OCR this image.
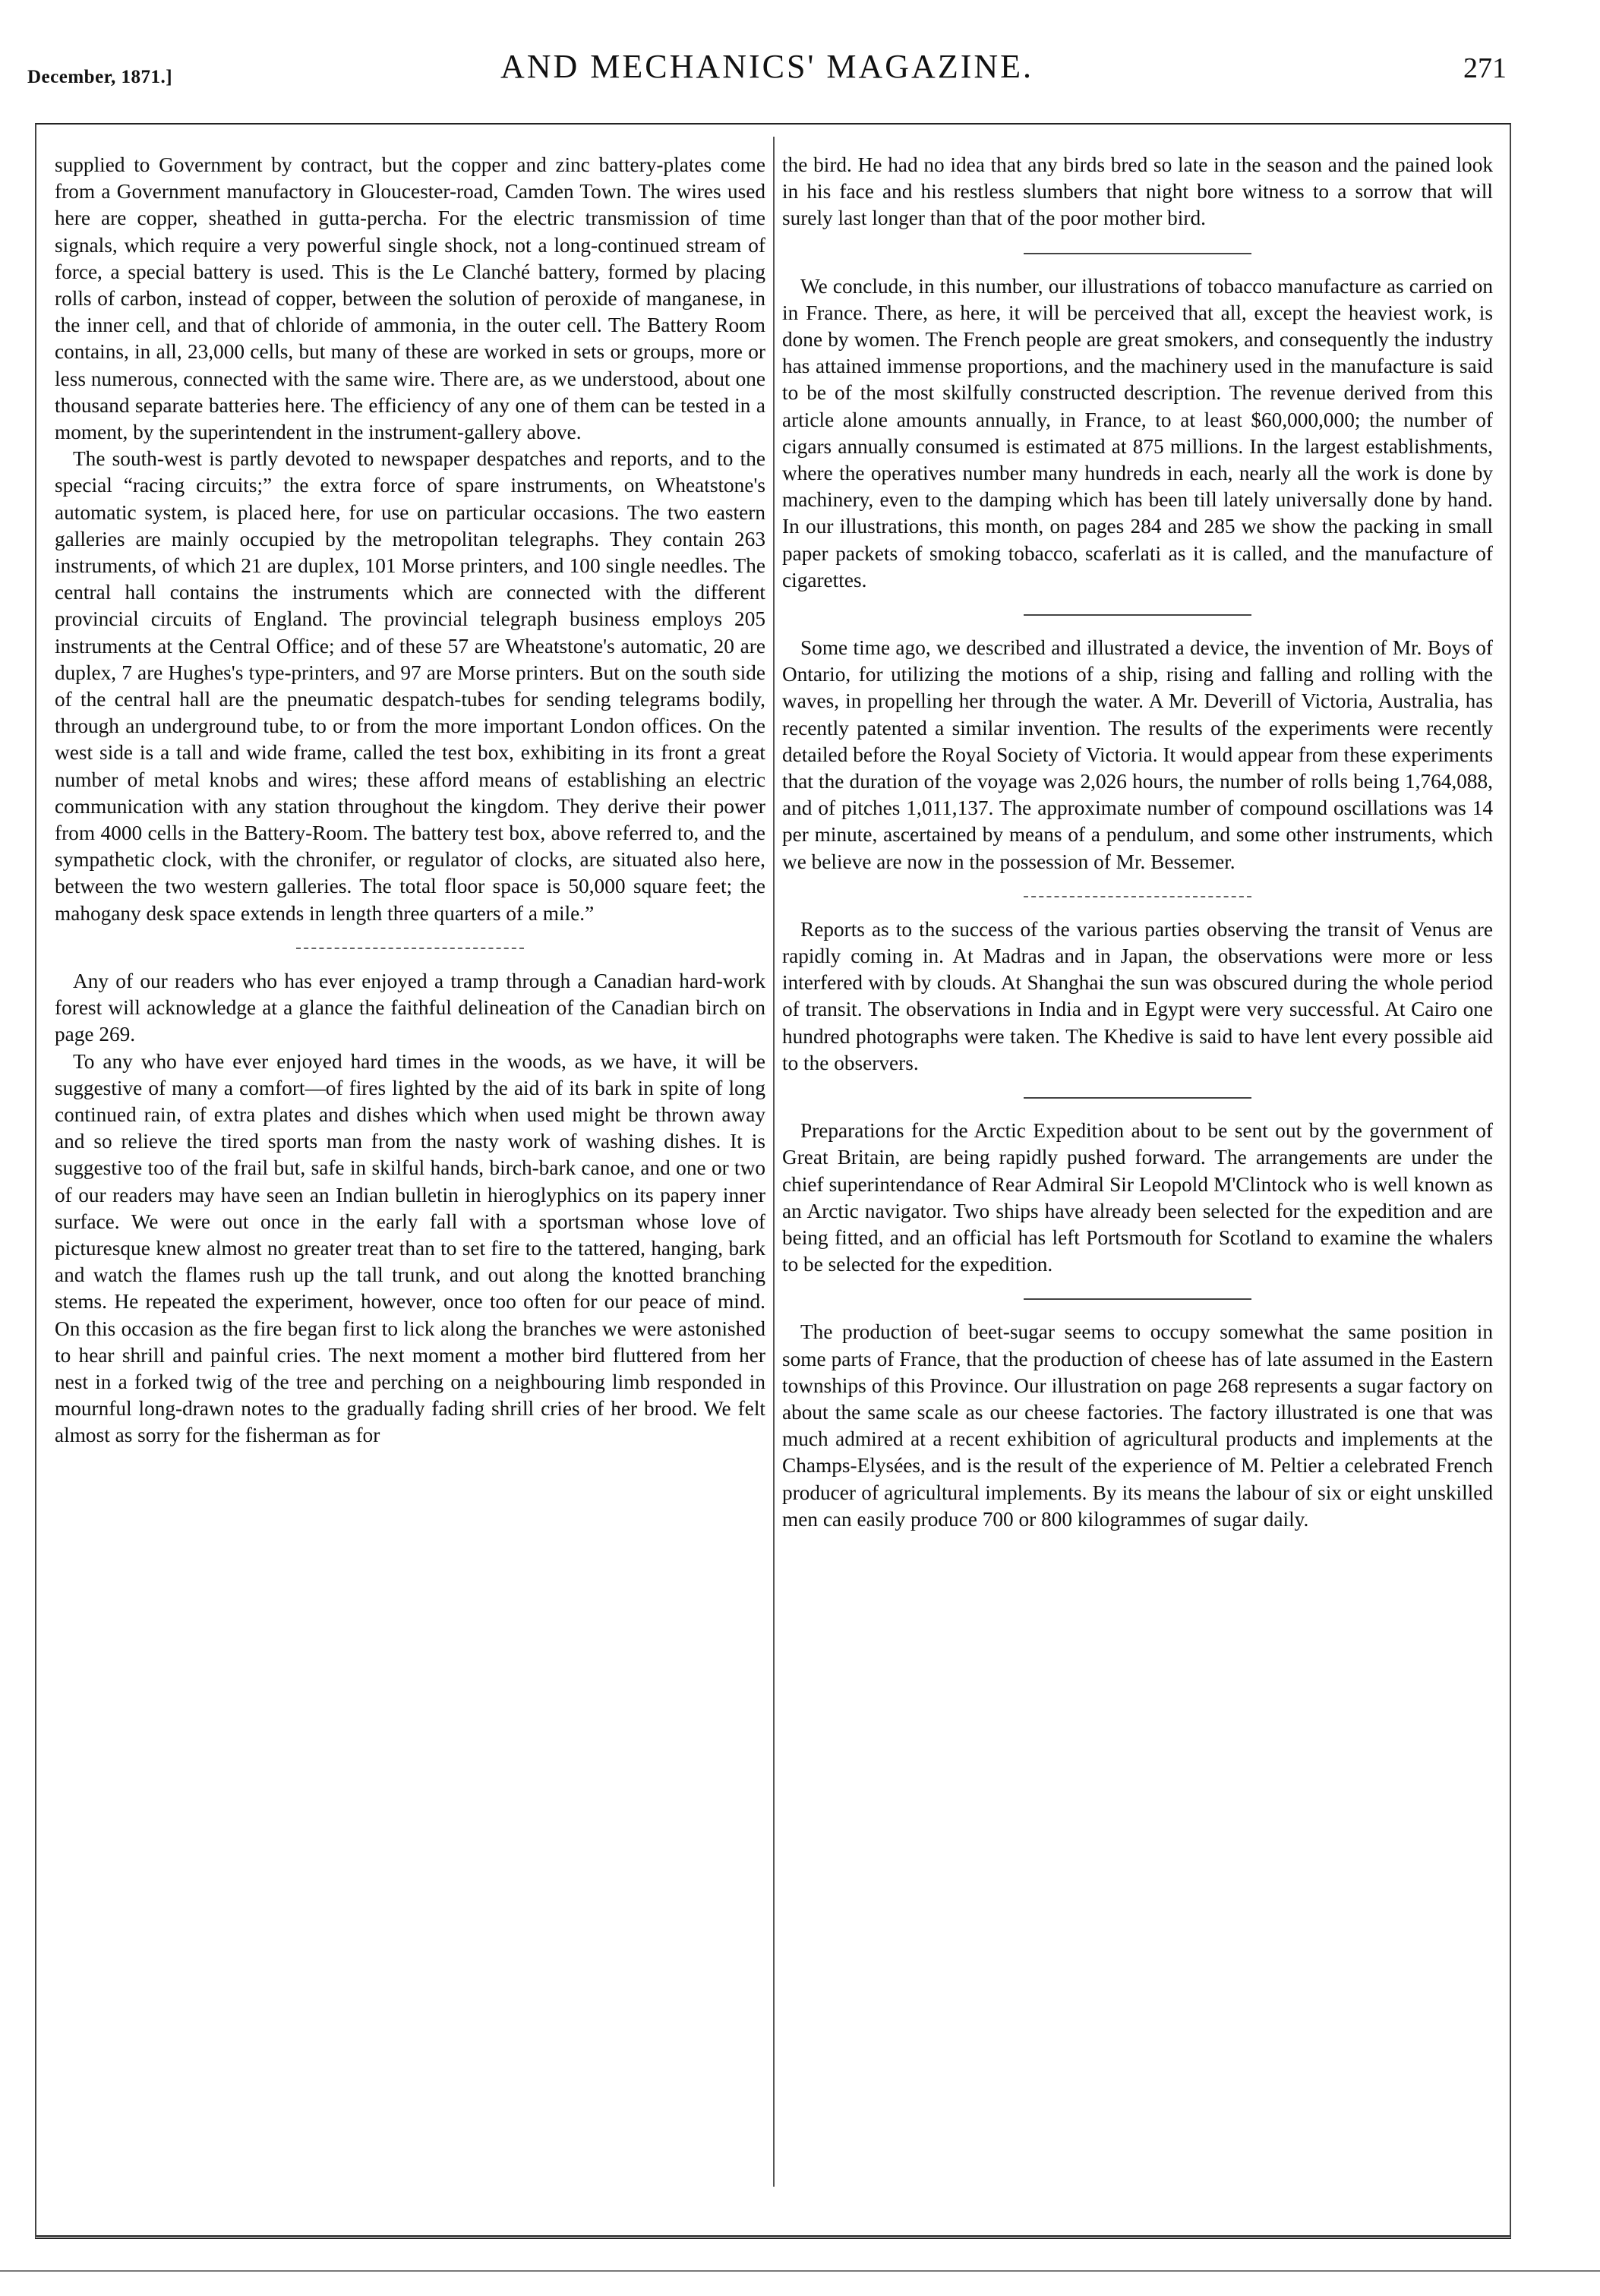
December, 1871.]	AND MECHANICS' MAGAZINE.	271

supplied to Government by contract, but the copper and zinc battery-plates come from a Government manufactory in Gloucester-road, Camden Town. The wires used here are copper, sheathed in gutta-percha. For the electric transmission of time signals, which require a very powerful single shock, not a long-continued stream of force, a special battery is used. This is the Le Clanché battery, formed by placing rolls of carbon, instead of copper, between the solution of peroxide of manganese, in the inner cell, and that of chloride of ammonia, in the outer cell. The Battery Room contains, in all, 23,000 cells, but many of these are worked in sets or groups, more or less numerous, connected with the same wire. There are, as we understood, about one thousand separate batteries here. The efficiency of any one of them can be tested in a moment, by the superintendent in the instrument-gallery above.

The south-west is partly devoted to newspaper despatches and reports, and to the special “racing circuits;” the extra force of spare instruments, on Wheatstone's automatic system, is placed here, for use on particular occasions. The two eastern galleries are mainly occupied by the metropolitan telegraphs. They contain 263 instruments, of which 21 are duplex, 101 Morse printers, and 100 single needles. The central hall contains the instruments which are connected with the different provincial circuits of England. The provincial telegraph business employs 205 instruments at the Central Office; and of these 57 are Wheatstone's automatic, 20 are duplex, 7 are Hughes's type-printers, and 97 are Morse printers. But on the south side of the central hall are the pneumatic despatch-tubes for sending telegrams bodily, through an underground tube, to or from the more important London offices. On the west side is a tall and wide frame, called the test box, exhibiting in its front a great number of metal knobs and wires; these afford means of establishing an electric communication with any station throughout the kingdom. They derive their power from 4000 cells in the Battery-Room. The battery test box, above referred to, and the sympathetic clock, with the chronifer, or regulator of clocks, are situated also here, between the two western galleries. The total floor space is 50,000 square feet; the mahogany desk space extends in length three quarters of a mile.”

Any of our readers who has ever enjoyed a tramp through a Canadian hard-work forest will acknowledge at a glance the faithful delineation of the Canadian birch on page 269.

To any who have ever enjoyed hard times in the woods, as we have, it will be suggestive of many a comfort—of fires lighted by the aid of its bark in spite of long continued rain, of extra plates and dishes which when used might be thrown away and so relieve the tired sports man from the nasty work of washing dishes. It is suggestive too of the frail but, safe in skilful hands, birch-bark canoe, and one or two of our readers may have seen an Indian bulletin in hieroglyphics on its papery inner surface. We were out once in the early fall with a sportsman whose love of picturesque knew almost no greater treat than to set fire to the tattered, hanging, bark and watch the flames rush up the tall trunk, and out along the knotted branching stems. He repeated the experiment, however, once too often for our peace of mind. On this occasion as the fire began first to lick along the branches we were astonished to hear shrill and painful cries. The next moment a mother bird fluttered from her nest in a forked twig of the tree and perching on a neighbouring limb responded in mournful long-drawn notes to the gradually fading shrill cries of her brood. We felt almost as sorry for the fisherman as for

the bird. He had no idea that any birds bred so late in the season and the pained look in his face and his restless slumbers that night bore witness to a sorrow that will surely last longer than that of the poor mother bird.

We conclude, in this number, our illustrations of tobacco manufacture as carried on in France. There, as here, it will be perceived that all, except the heaviest work, is done by women. The French people are great smokers, and consequently the industry has attained immense proportions, and the machinery used in the manufacture is said to be of the most skilfully constructed description. The revenue derived from this article alone amounts annually, in France, to at least $60,000,000; the number of cigars annually consumed is estimated at 875 millions. In the largest establishments, where the operatives number many hundreds in each, nearly all the work is done by machinery, even to the damping which has been till lately universally done by hand. In our illustrations, this month, on pages 284 and 285 we show the packing in small paper packets of smoking tobacco, scaferlati as it is called, and the manufacture of cigarettes.

Some time ago, we described and illustrated a device, the invention of Mr. Boys of Ontario, for utilizing the motions of a ship, rising and falling and rolling with the waves, in propelling her through the water. A Mr. Deverill of Victoria, Australia, has recently patented a similar invention. The results of the experiments were recently detailed before the Royal Society of Victoria. It would appear from these experiments that the duration of the voyage was 2,026 hours, the number of rolls being 1,764,088, and of pitches 1,011,137. The approximate number of compound oscillations was 14 per minute, ascertained by means of a pendulum, and some other instruments, which we believe are now in the possession of Mr. Bessemer.

Reports as to the success of the various parties observing the transit of Venus are rapidly coming in. At Madras and in Japan, the observations were more or less interfered with by clouds. At Shanghai the sun was obscured during the whole period of transit. The observations in India and in Egypt were very successful. At Cairo one hundred photographs were taken. The Khedive is said to have lent every possible aid to the observers.

Preparations for the Arctic Expedition about to be sent out by the government of Great Britain, are being rapidly pushed forward. The arrangements are under the chief superintendance of Rear Admiral Sir Leopold M'Clintock who is well known as an Arctic navigator. Two ships have already been selected for the expedition and are being fitted, and an official has left Portsmouth for Scotland to examine the whalers to be selected for the expedition.

The production of beet-sugar seems to occupy somewhat the same position in some parts of France, that the production of cheese has of late assumed in the Eastern townships of this Province. Our illustration on page 268 represents a sugar factory on about the same scale as our cheese factories. The factory illustrated is one that was much admired at a recent exhibition of agricultural products and implements at the Champs-Elysées, and is the result of the experience of M. Peltier a celebrated French producer of agricultural implements. By its means the labour of six or eight unskilled men can easily produce 700 or 800 kilogrammes of sugar daily.
